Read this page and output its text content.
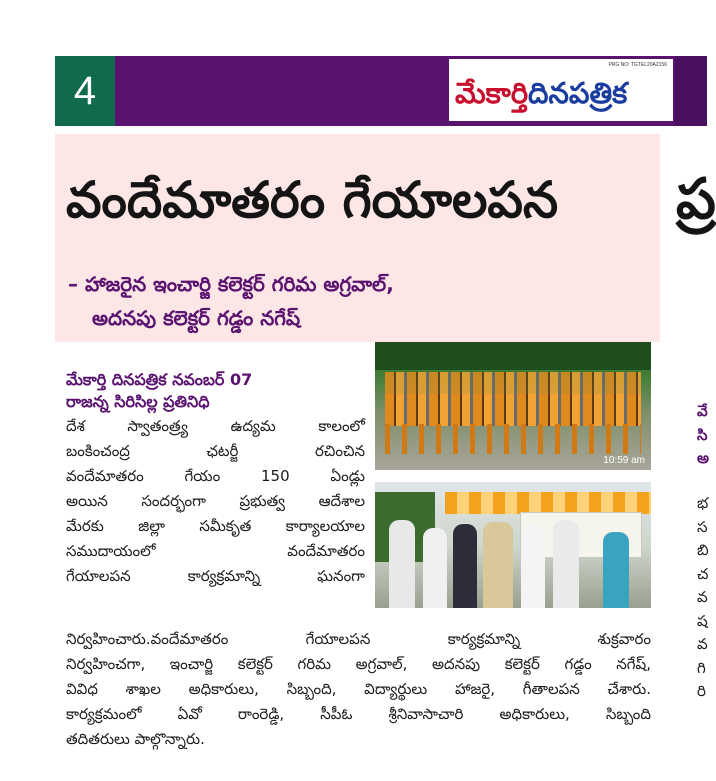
4
PRG NO: TGTEL20A2156
మేకార్తిదినపత్రిక
వందేమాతరం గేయాలపన
– హాజరైన ఇంచార్జి కలెక్టర్ గరిమ అగ్రవాల్,
అదనపు కలెక్టర్ గడ్డం నగేష్
10:59 am
మేకార్తి దినపత్రిక నవంబర్ 07
రాజన్న సిరిసిల్ల ప్రతినిధి
దేశ స్వాతంత్ర్య ఉద్యమ కాలంలో
బంకించంద్ర ఛటర్జీ రచించిన
వందేమాతరం గేయం 150 ఏండ్లు
అయిన సందర్భంగా ప్రభుత్వ ఆదేశాల
మేరకు జిల్లా సమీకృత కార్యాలయాల
సముదాయంలో వందేమాతరం
గేయాలపన కార్యక్రమాన్ని ఘనంగా
నిర్వహించారు.వందేమాతరం గేయాలపన కార్యక్రమాన్ని శుక్రవారం
నిర్వహించగా, ఇంచార్జి కలెక్టర్ గరిమ అగ్రవాల్, అదనపు కలెక్టర్ గడ్డం నగేష్,
వివిధ శాఖల అధికారులు, సిబ్బంది, విద్యార్థులు హాజరై, గీతాలపన చేశారు.
కార్యక్రమంలో ఏవో రాంరెడ్డి, సీపీఓ శ్రీనివాసాచారి అధికారులు, సిబ్బంది
తదితరులు పాల్గొన్నారు.
ప్ర
వే
సి
అ
భ
స
బి
చ
వ
ష
వ
గి
రి
